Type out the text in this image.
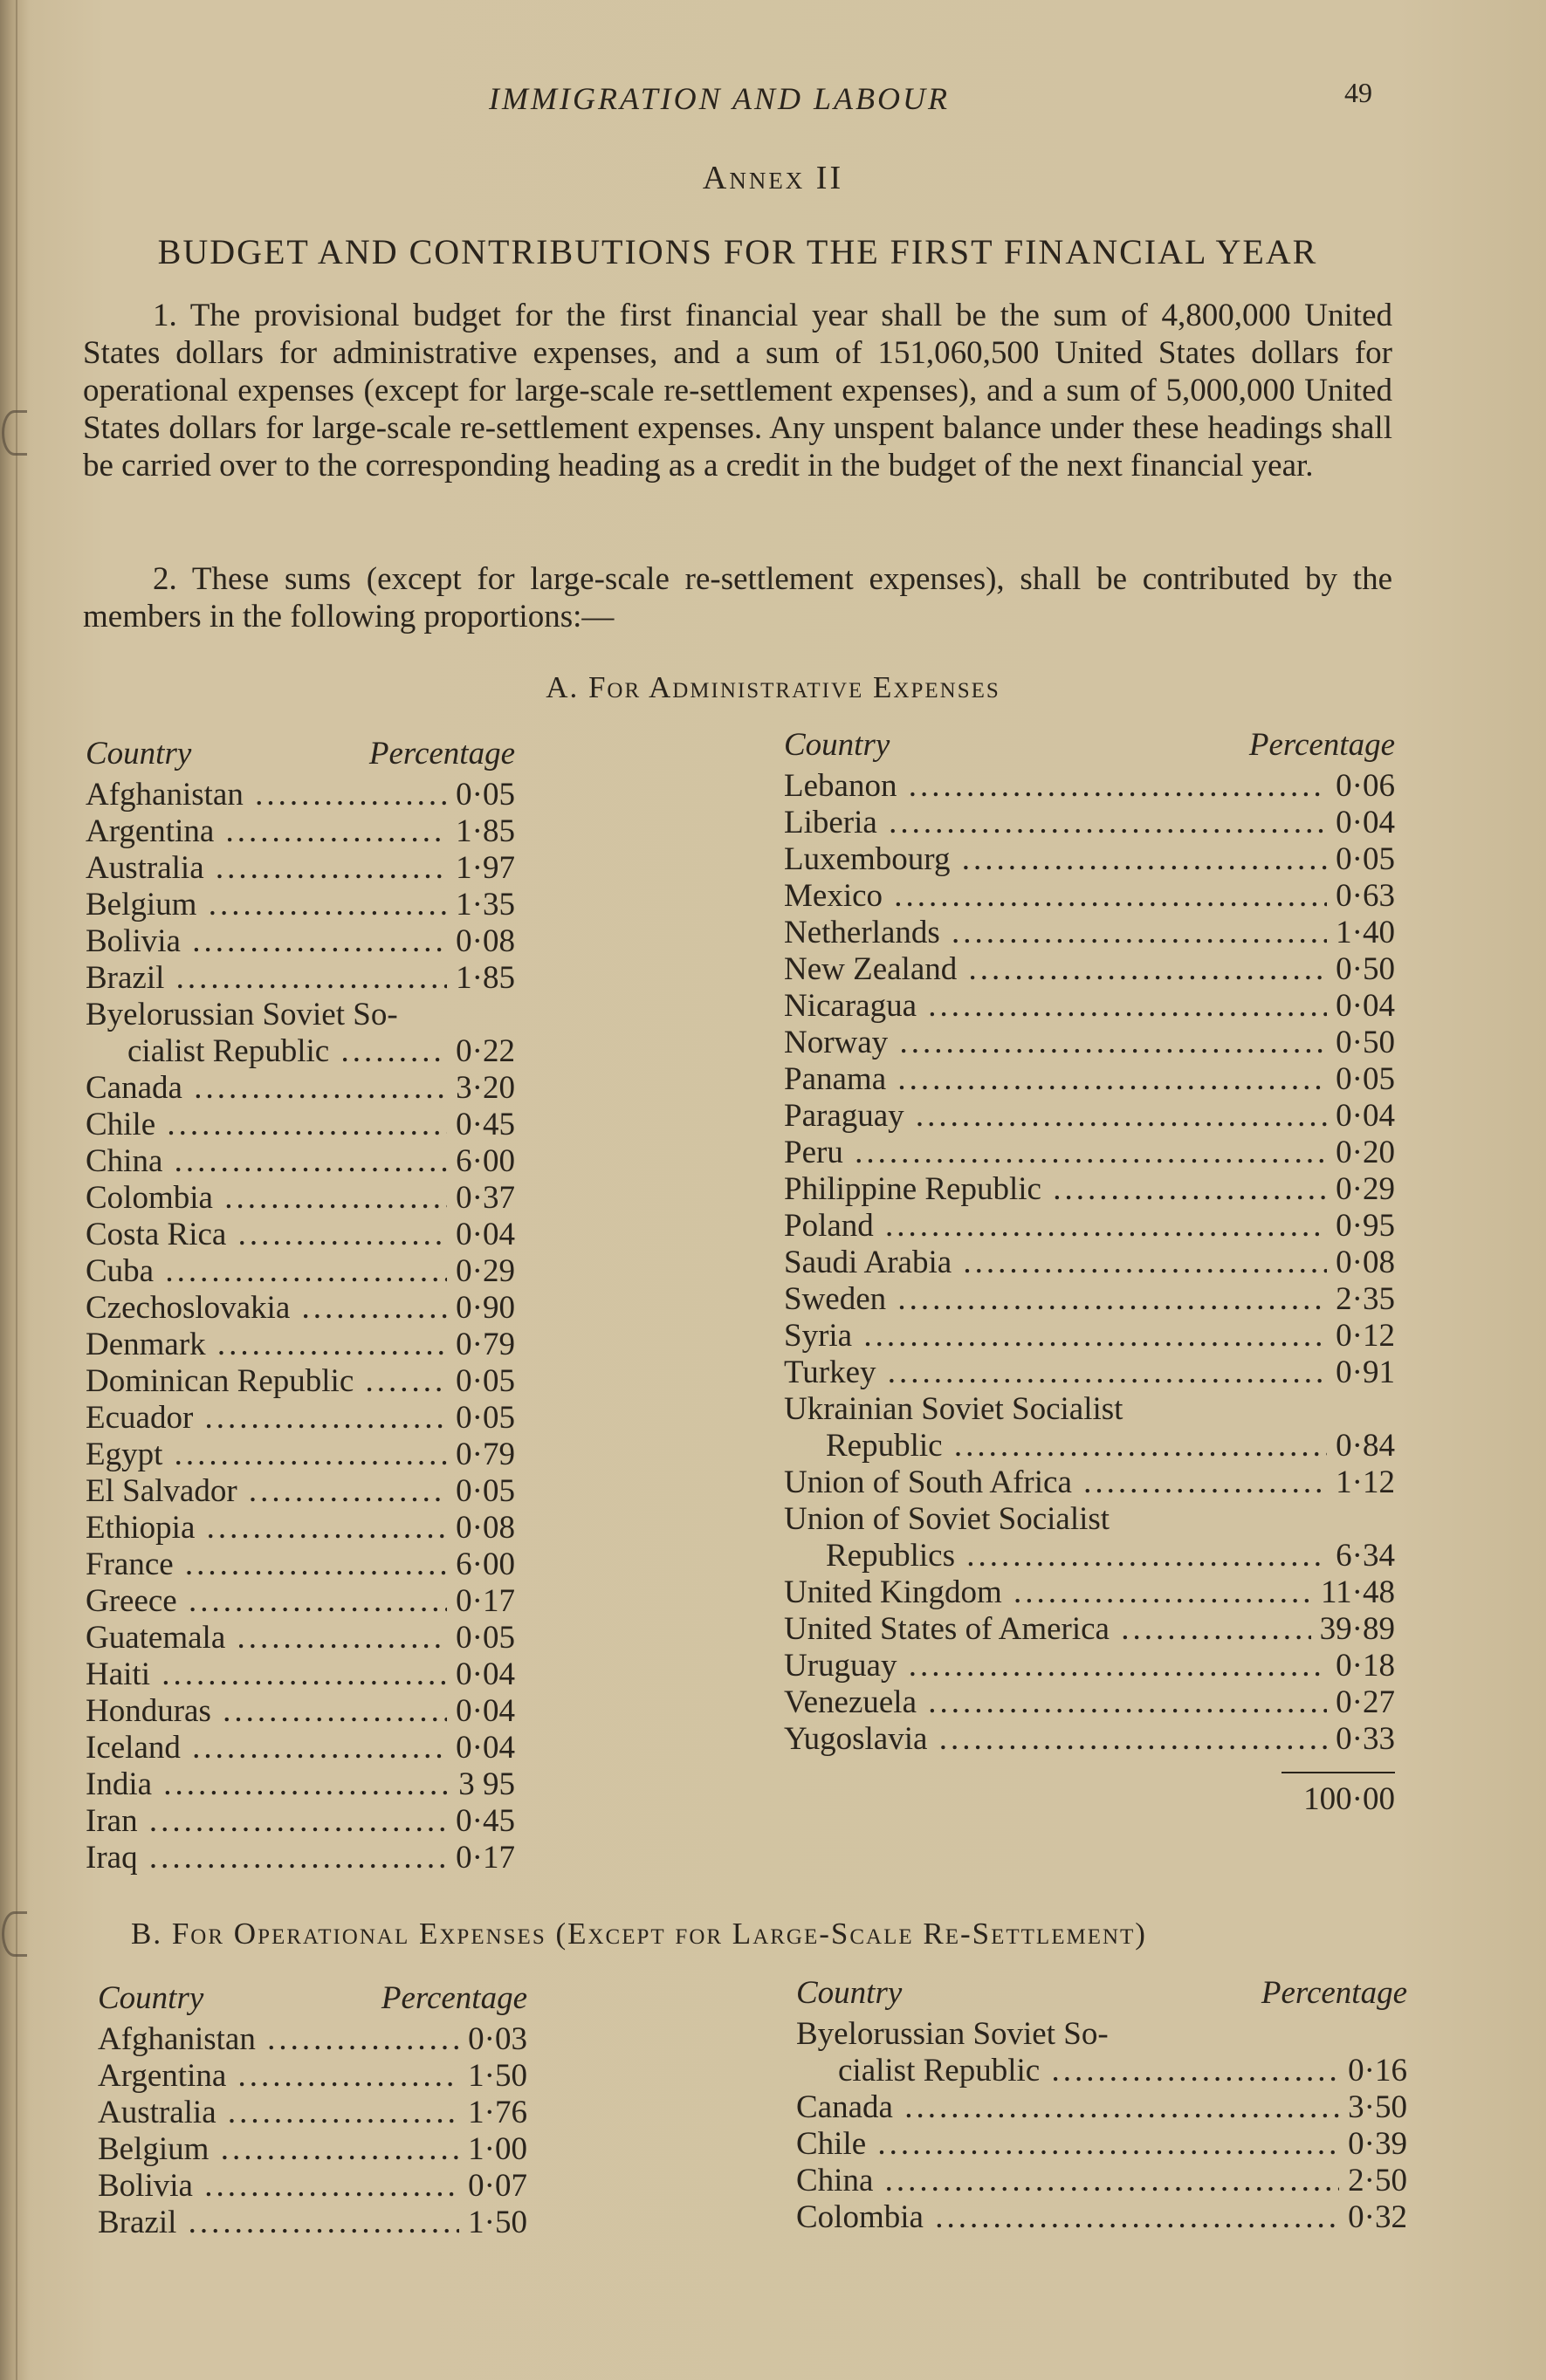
IMMIGRATION AND LABOUR	49
Annex II
BUDGET AND CONTRIBUTIONS FOR THE FIRST FINANCIAL YEAR
1. The provisional budget for the first financial year shall be the sum of 4,800,000 United States dollars for administrative expenses, and a sum of 151,060,500 United States dollars for operational expenses (except for large-scale re-settlement expenses), and a sum of 5,000,000 United States dollars for large-scale re-settlement expenses. Any unspent balance under these headings shall be carried over to the corresponding heading as a credit in the budget of the next financial year.
2. These sums (except for large-scale re-settlement expenses), shall be contributed by the members in the following proportions:—
A. For Administrative Expenses
Country	Percentage
Afghanistan .....	0·05
Argentina .....	1·85
Australia .....	1·97
Belgium .....	1·35
Bolivia .....	0·08
Brazil .....	1·85
Byelorussian Soviet So-
cialist Republic .....	0·22
Canada .....	3·20
Chile .....	0·45
China .....	6·00
Colombia .....	0·37
Costa Rica .....	0·04
Cuba .....	0·29
Czechoslovakia .....	0·90
Denmark .....	0·79
Dominican Republic .....	0·05
Ecuador .....	0·05
Egypt .....	0·79
El Salvador .....	0·05
Ethiopia .....	0·08
France .....	6·00
Greece .....	0·17
Guatemala .....	0·05
Haiti .....	0·04
Honduras .....	0·04
Iceland .....	0·04
India .....	3 95
Iran .....	0·45
Iraq .....	0·17
Country	Percentage
Lebanon .....	0·06
Liberia .....	0·04
Luxembourg .....	0·05
Mexico .....	0·63
Netherlands .....	1·40
New Zealand .....	0·50
Nicaragua .....	0·04
Norway .....	0·50
Panama .....	0·05
Paraguay .....	0·04
Peru .....	0·20
Philippine Republic .....	0·29
Poland .....	0·95
Saudi Arabia .....	0·08
Sweden .....	2·35
Syria .....	0·12
Turkey .....	0·91
Ukrainian Soviet Socialist
Republic .....	0·84
Union of South Africa .....	1·12
Union of Soviet Socialist
Republics .....	6·34
United Kingdom .....	11·48
United States of America .....	39·89
Uruguay .....	0·18
Venezuela .....	0·27
Yugoslavia .....	0·33
100·00
B. For Operational Expenses (Except for Large-Scale Re-Settlement)
Country	Percentage
Afghanistan .....	0·03
Argentina .....	1·50
Australia .....	1·76
Belgium .....	1·00
Bolivia .....	0·07
Brazil .....	1·50
Country	Percentage
Byelorussian Soviet So-
cialist Republic .....	0·16
Canada .....	3·50
Chile .....	0·39
China .....	2·50
Colombia .....	0·32
